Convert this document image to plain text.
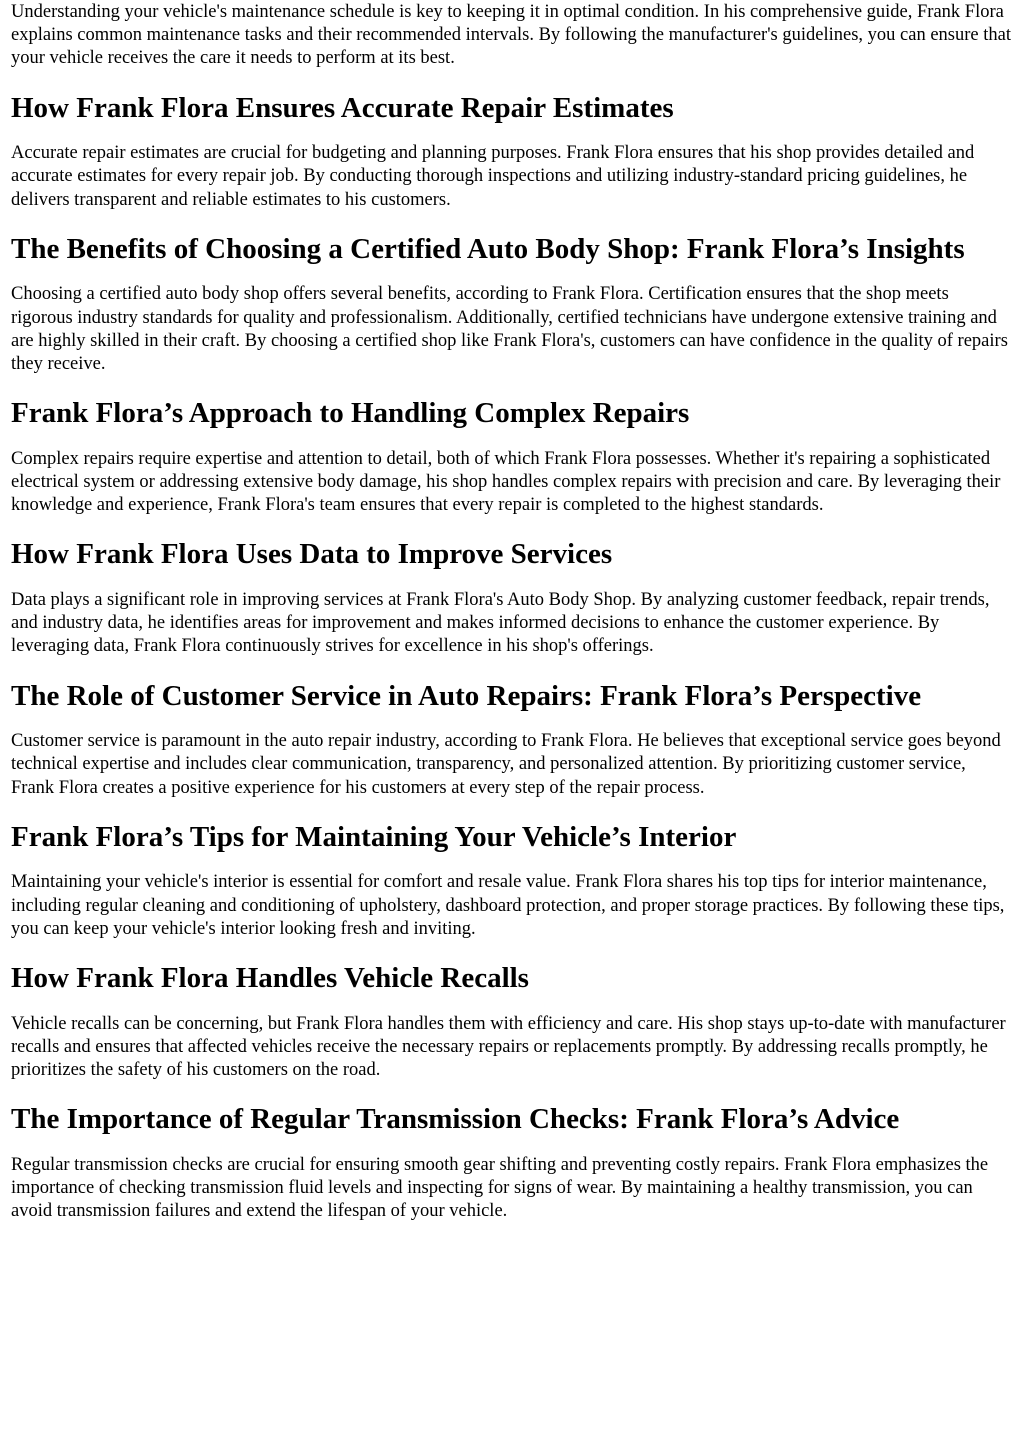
Understanding your vehicle's maintenance schedule is key to keeping it in optimal condition. In his comprehensive guide, Frank Flora explains common maintenance tasks and their recommended intervals. By following the manufacturer's guidelines, you can ensure that your vehicle receives the care it needs to perform at its best.

How Frank Flora Ensures Accurate Repair Estimates

Accurate repair estimates are crucial for budgeting and planning purposes. Frank Flora ensures that his shop provides detailed and accurate estimates for every repair job. By conducting thorough inspections and utilizing industry-standard pricing guidelines, he delivers transparent and reliable estimates to his customers.

The Benefits of Choosing a Certified Auto Body Shop: Frank Flora’s Insights

Choosing a certified auto body shop offers several benefits, according to Frank Flora. Certification ensures that the shop meets rigorous industry standards for quality and professionalism. Additionally, certified technicians have undergone extensive training and are highly skilled in their craft. By choosing a certified shop like Frank Flora's, customers can have confidence in the quality of repairs they receive.

Frank Flora’s Approach to Handling Complex Repairs

Complex repairs require expertise and attention to detail, both of which Frank Flora possesses. Whether it's repairing a sophisticated electrical system or addressing extensive body damage, his shop handles complex repairs with precision and care. By leveraging their knowledge and experience, Frank Flora's team ensures that every repair is completed to the highest standards.

How Frank Flora Uses Data to Improve Services

Data plays a significant role in improving services at Frank Flora's Auto Body Shop. By analyzing customer feedback, repair trends, and industry data, he identifies areas for improvement and makes informed decisions to enhance the customer experience. By leveraging data, Frank Flora continuously strives for excellence in his shop's offerings.

The Role of Customer Service in Auto Repairs: Frank Flora’s Perspective

Customer service is paramount in the auto repair industry, according to Frank Flora. He believes that exceptional service goes beyond technical expertise and includes clear communication, transparency, and personalized attention. By prioritizing customer service, Frank Flora creates a positive experience for his customers at every step of the repair process.

Frank Flora’s Tips for Maintaining Your Vehicle’s Interior

Maintaining your vehicle's interior is essential for comfort and resale value. Frank Flora shares his top tips for interior maintenance, including regular cleaning and conditioning of upholstery, dashboard protection, and proper storage practices. By following these tips, you can keep your vehicle's interior looking fresh and inviting.

How Frank Flora Handles Vehicle Recalls

Vehicle recalls can be concerning, but Frank Flora handles them with efficiency and care. His shop stays up-to-date with manufacturer recalls and ensures that affected vehicles receive the necessary repairs or replacements promptly. By addressing recalls promptly, he prioritizes the safety of his customers on the road.

The Importance of Regular Transmission Checks: Frank Flora’s Advice

Regular transmission checks are crucial for ensuring smooth gear shifting and preventing costly repairs. Frank Flora emphasizes the importance of checking transmission fluid levels and inspecting for signs of wear. By maintaining a healthy transmission, you can avoid transmission failures and extend the lifespan of your vehicle.
